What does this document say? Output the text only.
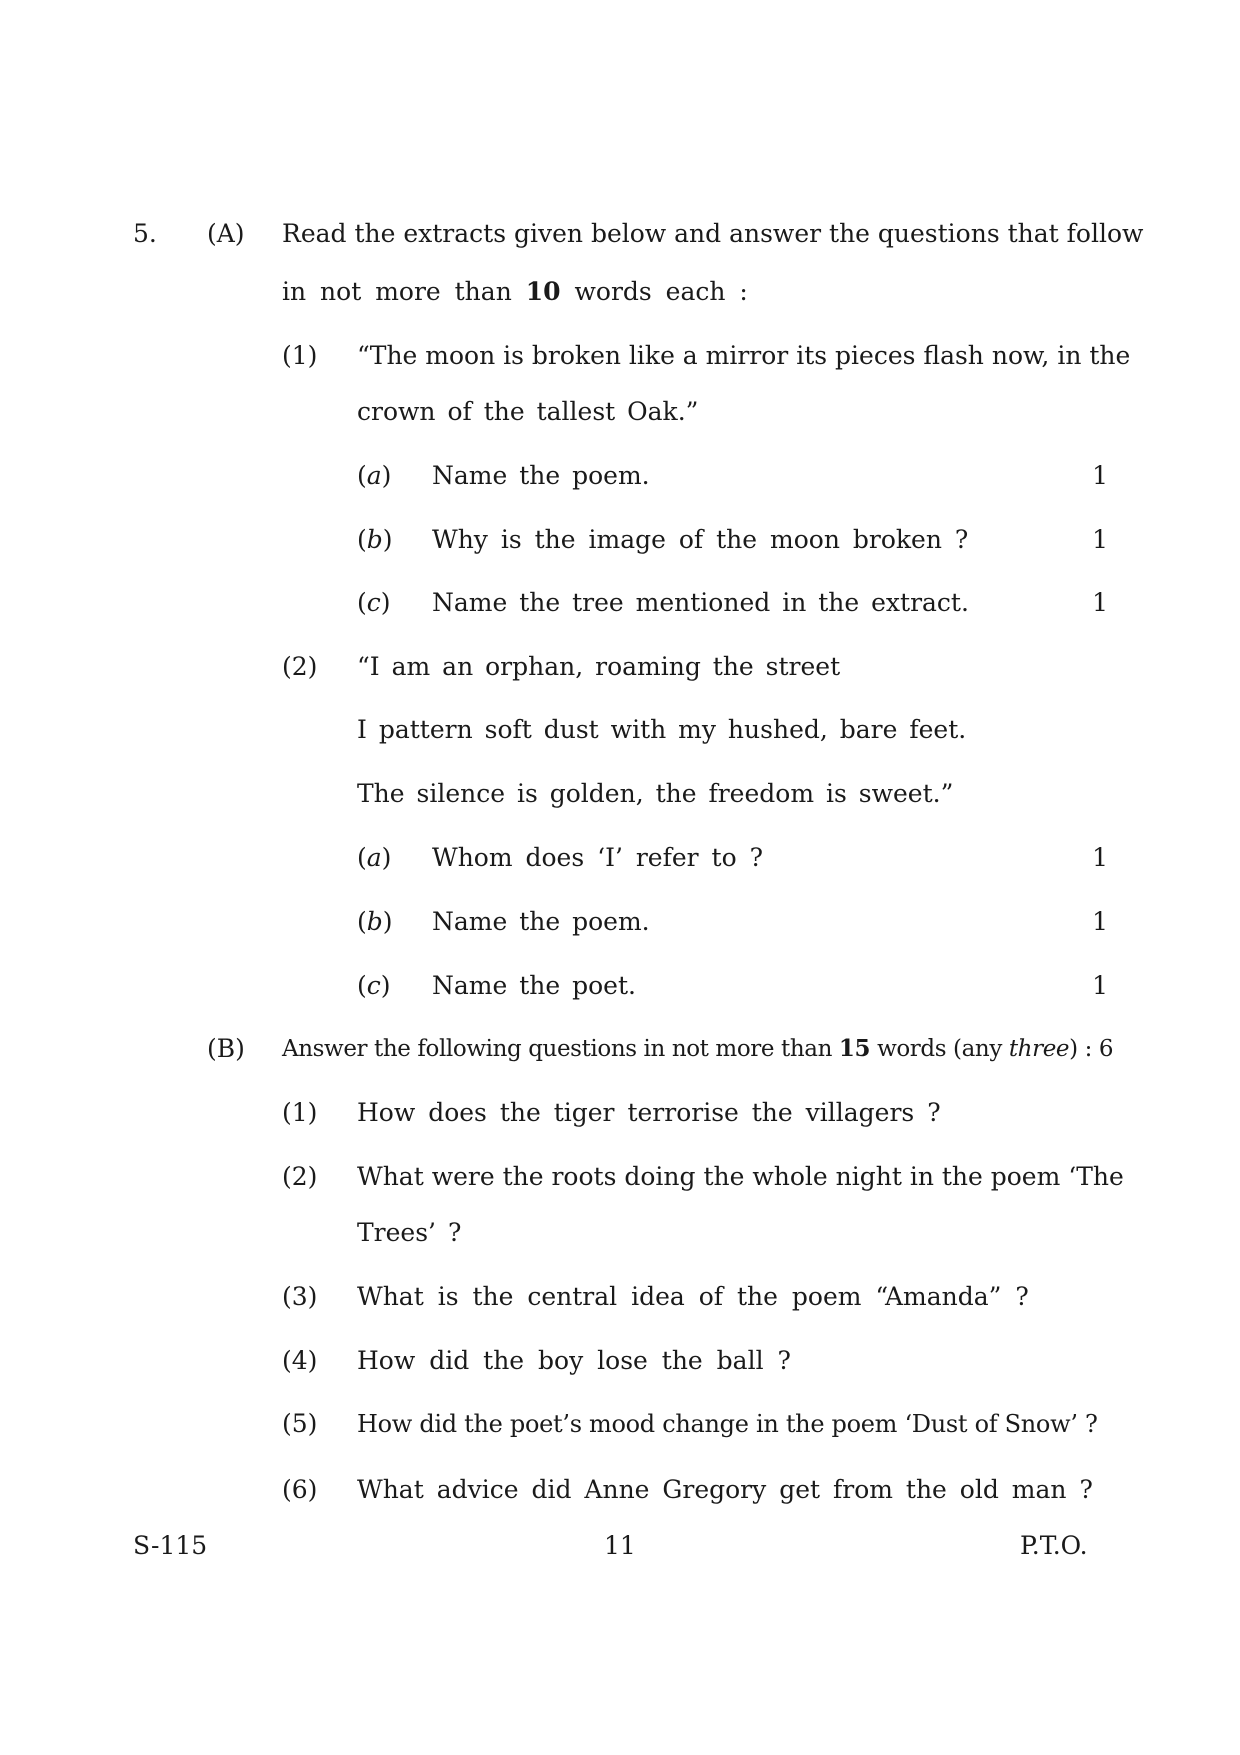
5. (A) Read the extracts given below and answer the questions that follow
in not more than 10 words each :
(1) “The moon is broken like a mirror its pieces flash now, in the
crown of the tallest Oak.”
(a) Name the poem.	1
(b) Why is the image of the moon broken ?	1
(c) Name the tree mentioned in the extract.	1
(2) “I am an orphan, roaming the street
I pattern soft dust with my hushed, bare feet.
The silence is golden, the freedom is sweet.”
(a) Whom does ‘I’ refer to ?	1
(b) Name the poem.	1
(c) Name the poet.	1
(B) Answer the following questions in not more than 15 words (any three) : 6
(1) How does the tiger terrorise the villagers ?
(2) What were the roots doing the whole night in the poem ‘The
Trees’ ?
(3) What is the central idea of the poem “Amanda” ?
(4) How did the boy lose the ball ?
(5) How did the poet’s mood change in the poem ‘Dust of Snow’ ?
(6) What advice did Anne Gregory get from the old man ?
S-115	11	P.T.O.
